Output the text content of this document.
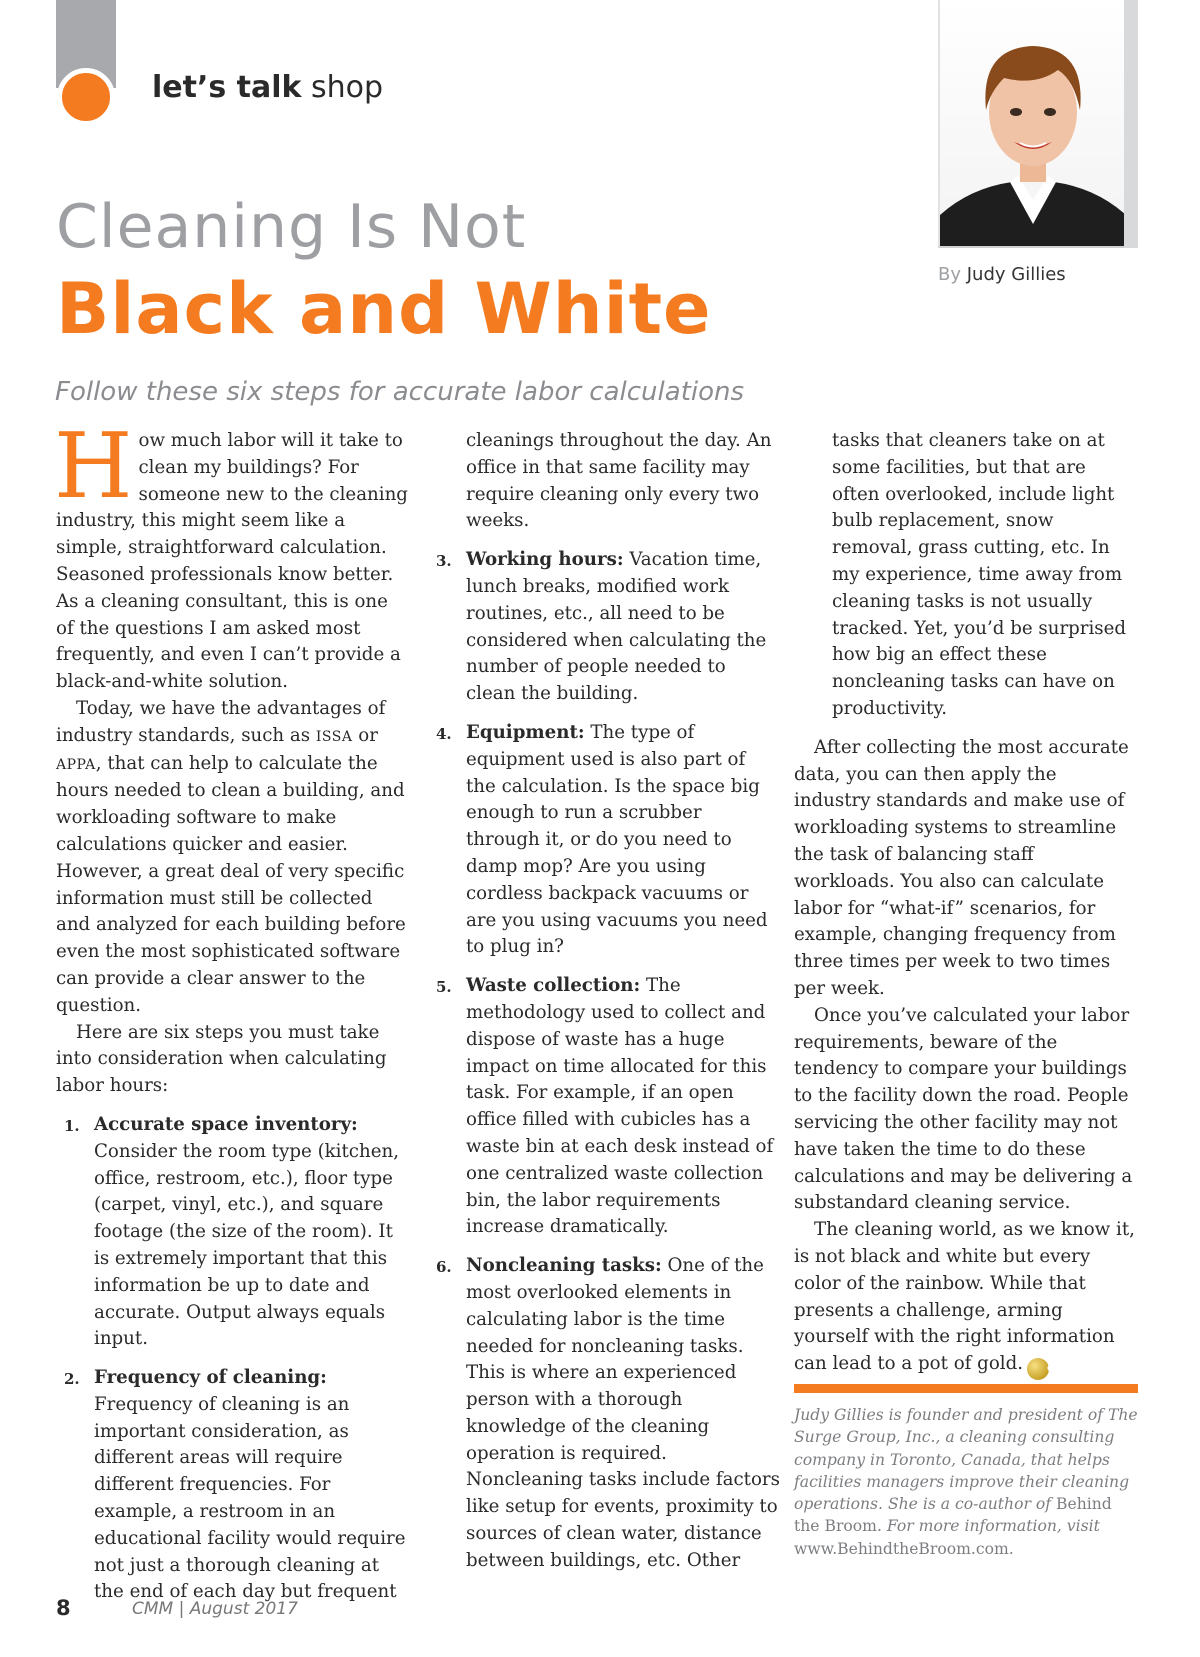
let’s talk shop
Cleaning Is Not
Black and White
Follow these six steps for accurate labor calculations
By Judy Gillies

How much labor will it take to clean my buildings? For someone new to the cleaning industry, this might seem like a simple, straightforward calculation. Seasoned professionals know better. As a cleaning consultant, this is one of the questions I am asked most frequently, and even I can’t provide a black-and-white solution.

Today, we have the advantages of industry standards, such as ISSA or APPA, that can help to calculate the hours needed to clean a building, and workloading software to make calculations quicker and easier. However, a great deal of very specific information must still be collected and analyzed for each building before even the most sophisticated software can provide a clear answer to the question.

Here are six steps you must take into consideration when calculating labor hours:

1. Accurate space inventory: Consider the room type (kitchen, office, restroom, etc.), floor type (carpet, vinyl, etc.), and square footage (the size of the room). It is extremely important that this information be up to date and accurate. Output always equals input.
2. Frequency of cleaning: Frequency of cleaning is an important consideration, as different areas will require different frequencies. For example, a restroom in an educational facility would require not just a thorough cleaning at the end of each day but frequent

cleanings throughout the day. An office in that same facility may require cleaning only every two weeks.

3. Working hours: Vacation time, lunch breaks, modified work routines, etc., all need to be considered when calculating the number of people needed to clean the building.
4. Equipment: The type of equipment used is also part of the calculation. Is the space big enough to run a scrubber through it, or do you need to damp mop? Are you using cordless backpack vacuums or are you using vacuums you need to plug in?
5. Waste collection: The methodology used to collect and dispose of waste has a huge impact on time allocated for this task. For example, if an open office filled with cubicles has a waste bin at each desk instead of one centralized waste collection bin, the labor requirements increase dramatically.
6. Noncleaning tasks: One of the most overlooked elements in calculating labor is the time needed for noncleaning tasks. This is where an experienced person with a thorough knowledge of the cleaning operation is required. Noncleaning tasks include factors like setup for events, proximity to sources of clean water, distance between buildings, etc. Other

tasks that cleaners take on at some facilities, but that are often overlooked, include light bulb replacement, snow removal, grass cutting, etc. In my experience, time away from cleaning tasks is not usually tracked. Yet, you’d be surprised how big an effect these noncleaning tasks can have on productivity.

After collecting the most accurate data, you can then apply the industry standards and make use of workloading systems to streamline the task of balancing staff workloads. You also can calculate labor for “what-if” scenarios, for example, changing frequency from three times per week to two times per week.

Once you’ve calculated your labor requirements, beware of the tendency to compare your buildings to the facility down the road. People servicing the other facility may not have taken the time to do these calculations and may be delivering a substandard cleaning service.

The cleaning world, as we know it, is not black and white but every color of the rainbow. While that presents a challenge, arming yourself with the right information can lead to a pot of gold.	CM

Judy Gillies is founder and president of The Surge Group, Inc., a cleaning consulting company in Toronto, Canada, that helps facilities managers improve their cleaning operations. She is a co-author of Behind the Broom. For more information, visit www.BehindtheBroom.com.
8	CMM | August 2017
